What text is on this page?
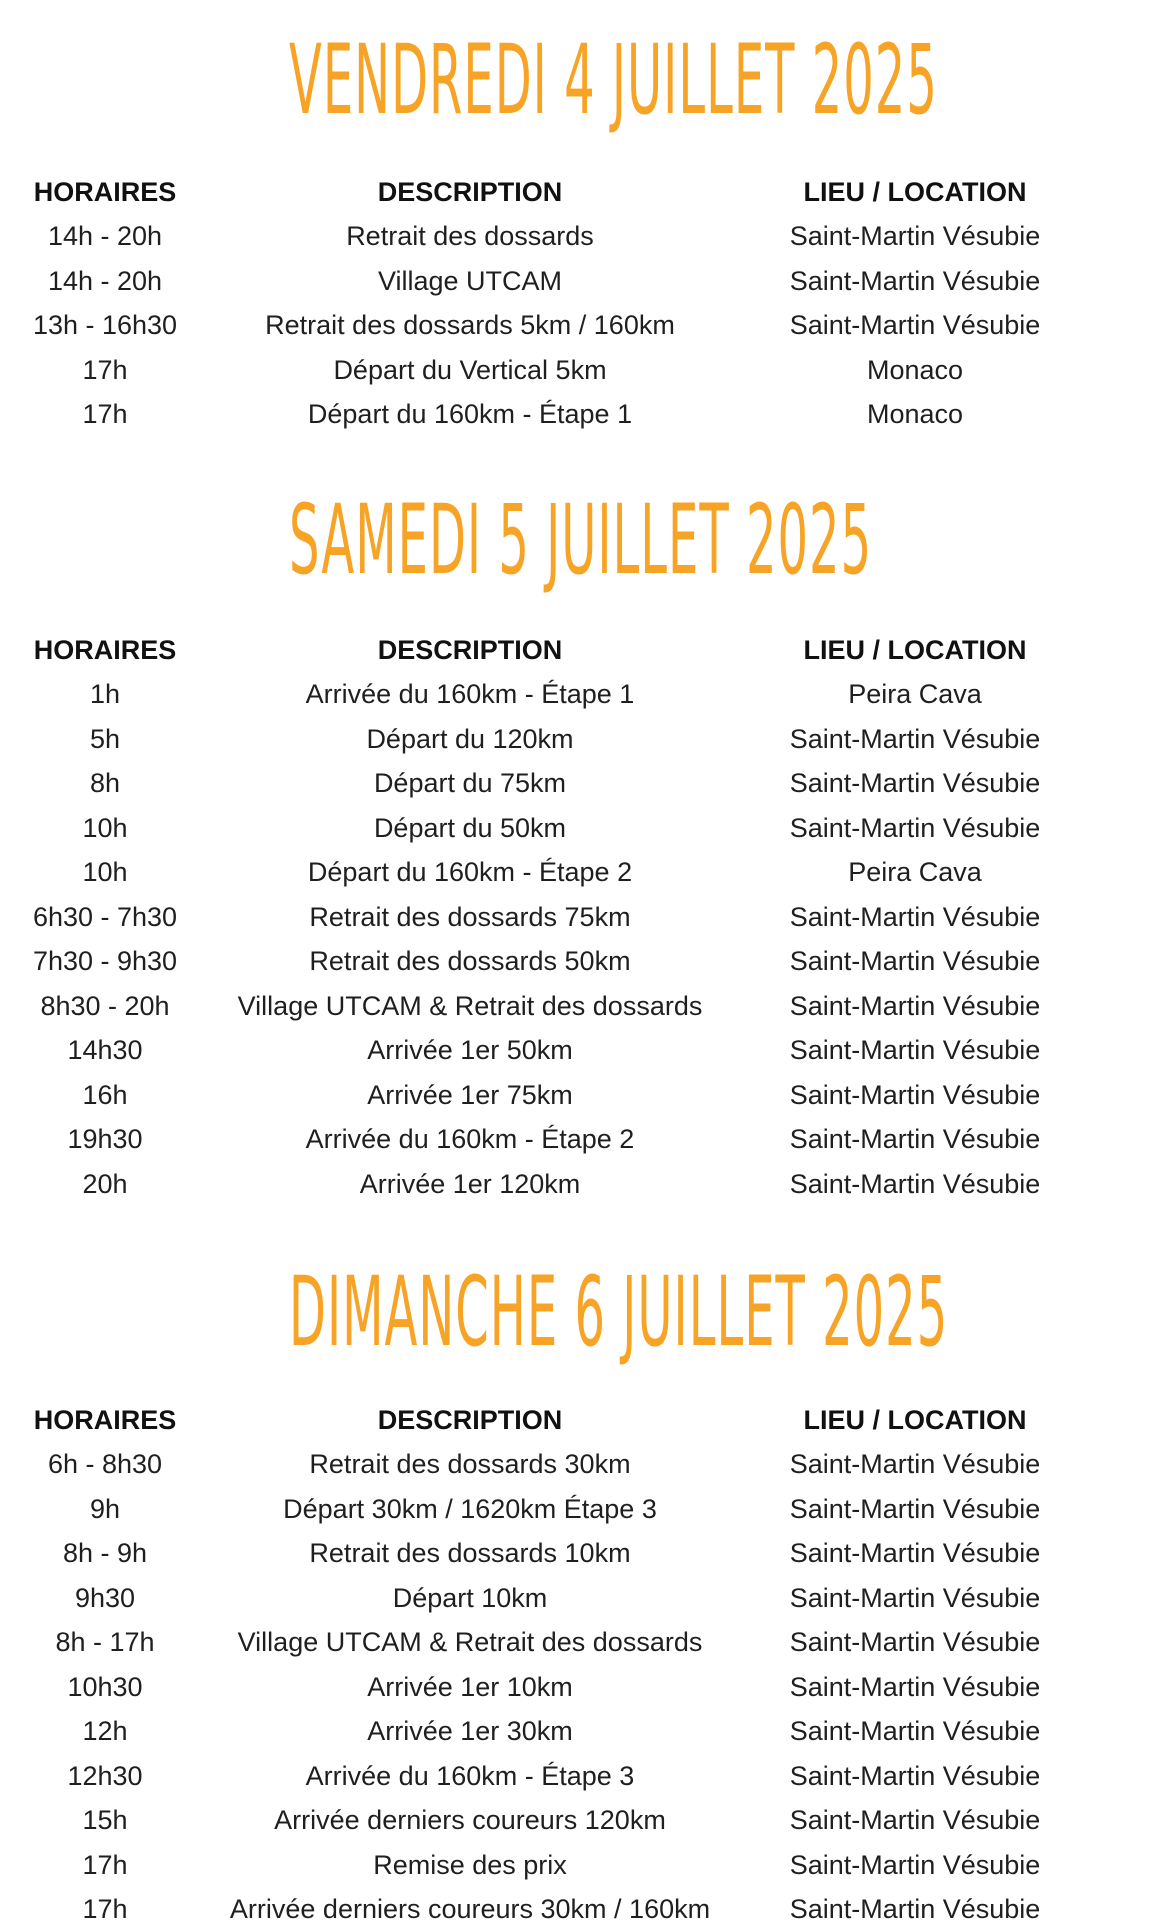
VENDREDI 4 JUILLET 2025
HORAIRES	DESCRIPTION	LIEU / LOCATION
14h - 20h	Retrait des dossards	Saint-Martin Vésubie
14h - 20h	Village UTCAM	Saint-Martin Vésubie
13h - 16h30	Retrait des dossards 5km / 160km	Saint-Martin Vésubie
17h	Départ du Vertical 5km	Monaco
17h	Départ du 160km - Étape 1	Monaco
SAMEDI 5 JUILLET 2025
HORAIRES	DESCRIPTION	LIEU / LOCATION
1h	Arrivée du 160km - Étape 1	Peira Cava
5h	Départ du 120km	Saint-Martin Vésubie
8h	Départ du 75km	Saint-Martin Vésubie
10h	Départ du 50km	Saint-Martin Vésubie
10h	Départ du 160km - Étape 2	Peira Cava
6h30 - 7h30	Retrait des dossards 75km	Saint-Martin Vésubie
7h30 - 9h30	Retrait des dossards 50km	Saint-Martin Vésubie
8h30 - 20h	Village UTCAM & Retrait des dossards	Saint-Martin Vésubie
14h30	Arrivée 1er 50km	Saint-Martin Vésubie
16h	Arrivée 1er 75km	Saint-Martin Vésubie
19h30	Arrivée du 160km - Étape 2	Saint-Martin Vésubie
20h	Arrivée 1er 120km	Saint-Martin Vésubie
DIMANCHE 6 JUILLET 2025
HORAIRES	DESCRIPTION	LIEU / LOCATION
6h - 8h30	Retrait des dossards 30km	Saint-Martin Vésubie
9h	Départ 30km / 1620km Étape 3	Saint-Martin Vésubie
8h - 9h	Retrait des dossards 10km	Saint-Martin Vésubie
9h30	Départ 10km	Saint-Martin Vésubie
8h - 17h	Village UTCAM & Retrait des dossards	Saint-Martin Vésubie
10h30	Arrivée 1er 10km	Saint-Martin Vésubie
12h	Arrivée 1er 30km	Saint-Martin Vésubie
12h30	Arrivée du 160km - Étape 3	Saint-Martin Vésubie
15h	Arrivée derniers coureurs 120km	Saint-Martin Vésubie
17h	Remise des prix	Saint-Martin Vésubie
17h	Arrivée derniers coureurs 30km / 160km	Saint-Martin Vésubie
